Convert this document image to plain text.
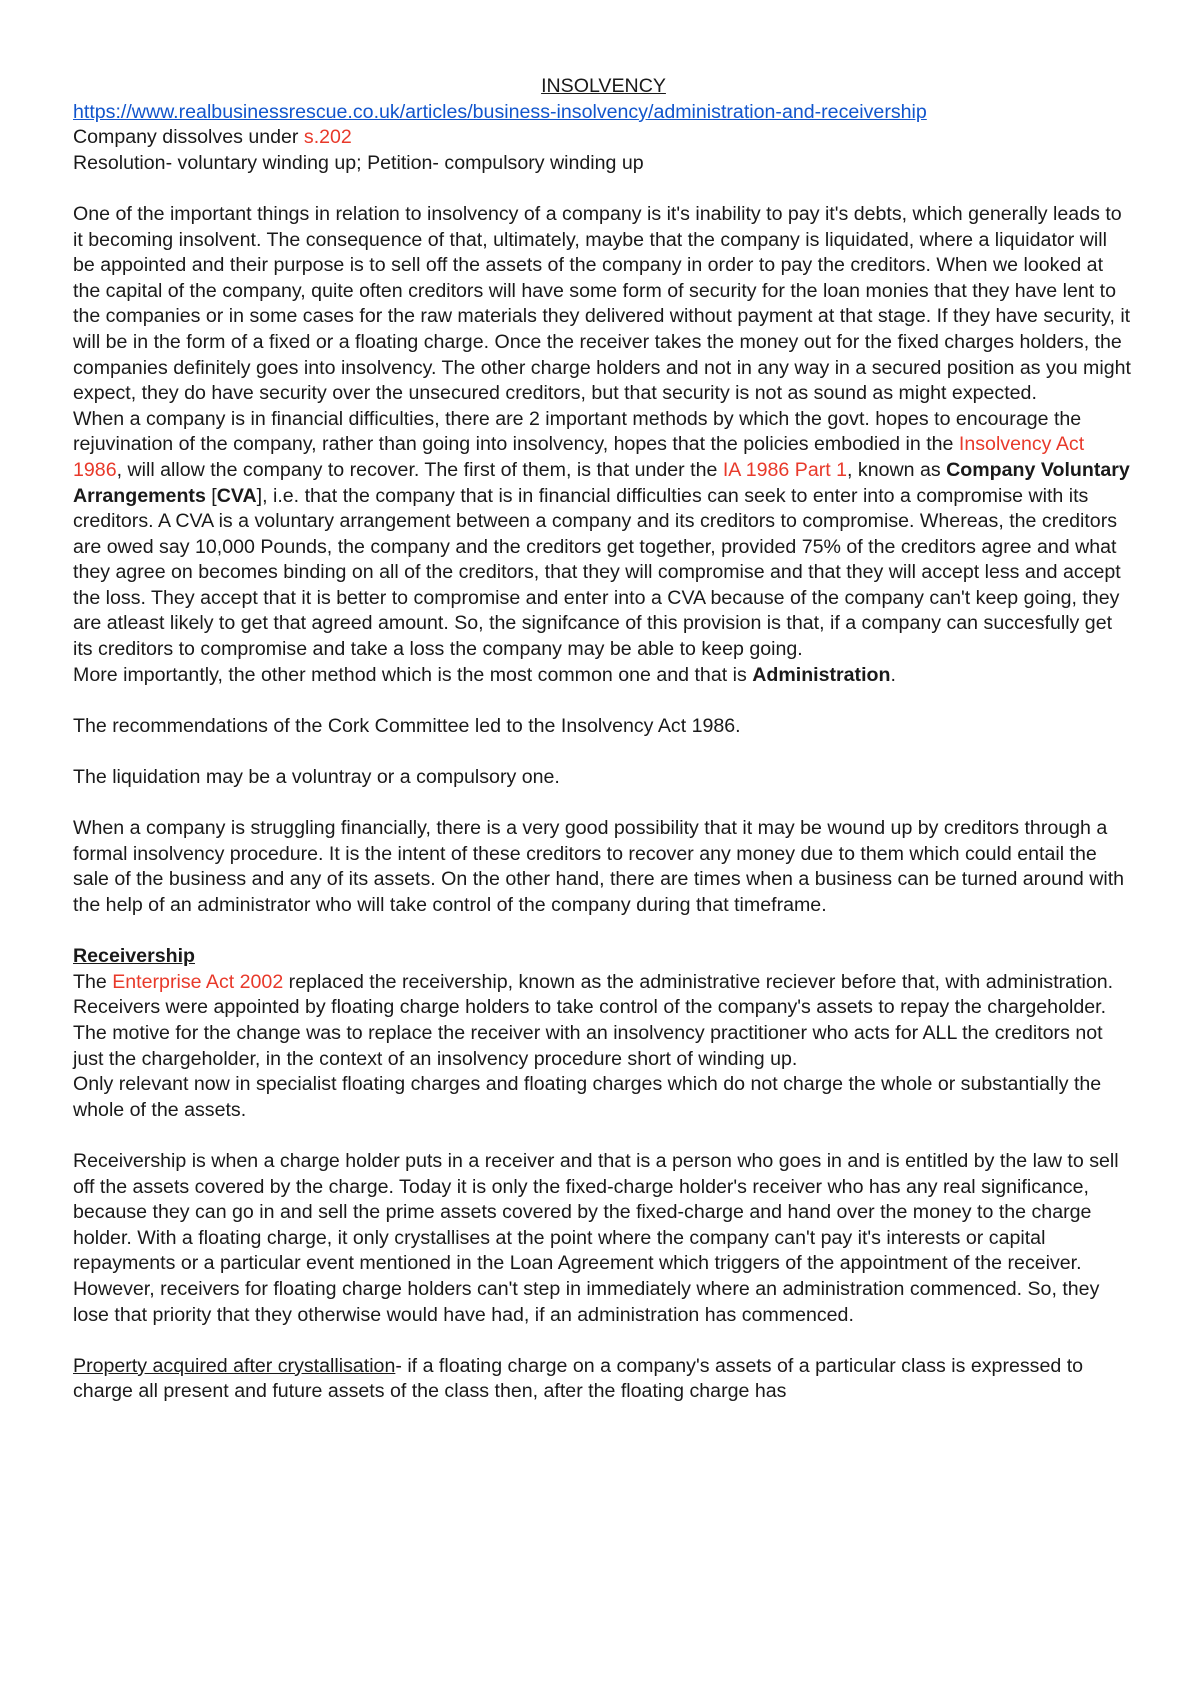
INSOLVENCY

https://www.realbusinessrescue.co.uk/articles/business-insolvency/administration-and-receivership

Company dissolves under s.202

Resolution- voluntary winding up; Petition- compulsory winding up

One of the important things in relation to insolvency of a company is it's inability to pay it's debts, which generally leads to it becoming insolvent. The consequence of that, ultimately, maybe that the company is liquidated, where a liquidator will be appointed and their purpose is to sell off the assets of the company in order to pay the creditors. When we looked at the capital of the company, quite often creditors will have some form of security for the loan monies that they have lent to the companies or in some cases for the raw materials they delivered without payment at that stage. If they have security, it will be in the form of a fixed or a floating charge. Once the receiver takes the money out for the fixed charges holders, the companies definitely goes into insolvency. The other charge holders and not in any way in a secured position as you might expect, they do have security over the unsecured creditors, but that security is not as sound as might expected.

When a company is in financial difficulties, there are 2 important methods by which the govt. hopes to encourage the rejuvination of the company, rather than going into insolvency, hopes that the policies embodied in the Insolvency Act 1986, will allow the company to recover. The first of them, is that under the IA 1986 Part 1, known as Company Voluntary Arrangements [CVA], i.e. that the company that is in financial difficulties can seek to enter into a compromise with its creditors. A CVA is a voluntary arrangement between a company and its creditors to compromise. Whereas, the creditors are owed say 10,000 Pounds, the company and the creditors get together, provided 75% of the creditors agree and what they agree on becomes binding on all of the creditors, that they will compromise and that they will accept less and accept the loss. They accept that it is better to compromise and enter into a CVA because of the company can't keep going, they are atleast likely to get that agreed amount. So, the signifcance of this provision is that, if a company can succesfully get its creditors to compromise and take a loss the company may be able to keep going.

More importantly, the other method which is the most common one and that is Administration.

The recommendations of the Cork Committee led to the Insolvency Act 1986.

The liquidation may be a voluntray or a compulsory one.

When a company is struggling financially, there is a very good possibility that it may be wound up by creditors through a formal insolvency procedure. It is the intent of these creditors to recover any money due to them which could entail the sale of the business and any of its assets. On the other hand, there are times when a business can be turned around with the help of an administrator who will take control of the company during that timeframe.

Receivership

The Enterprise Act 2002 replaced the receivership, known as the administrative reciever before that, with administration.

Receivers were appointed by floating charge holders to take control of the company's assets to repay the chargeholder.

The motive for the change was to replace the receiver with an insolvency practitioner who acts for ALL the creditors not just the chargeholder, in the context of an insolvency procedure short of winding up.

Only relevant now in specialist floating charges and floating charges which do not charge the whole or substantially the whole of the assets.

Receivership is when a charge holder puts in a receiver and that is a person who goes in and is entitled by the law to sell off the assets covered by the charge. Today it is only the fixed-charge holder's receiver who has any real significance, because they can go in and sell the prime assets covered by the fixed-charge and hand over the money to the charge holder. With a floating charge, it only crystallises at the point where the company can't pay it's interests or capital repayments or a particular event mentioned in the Loan Agreement which triggers of the appointment of the receiver. However, receivers for floating charge holders can't step in immediately where an administration commenced. So, they lose that priority that they otherwise would have had, if an administration has commenced.

Property acquired after crystallisation- if a floating charge on a company's assets of a particular class is expressed to charge all present and future assets of the class then, after the floating charge has
